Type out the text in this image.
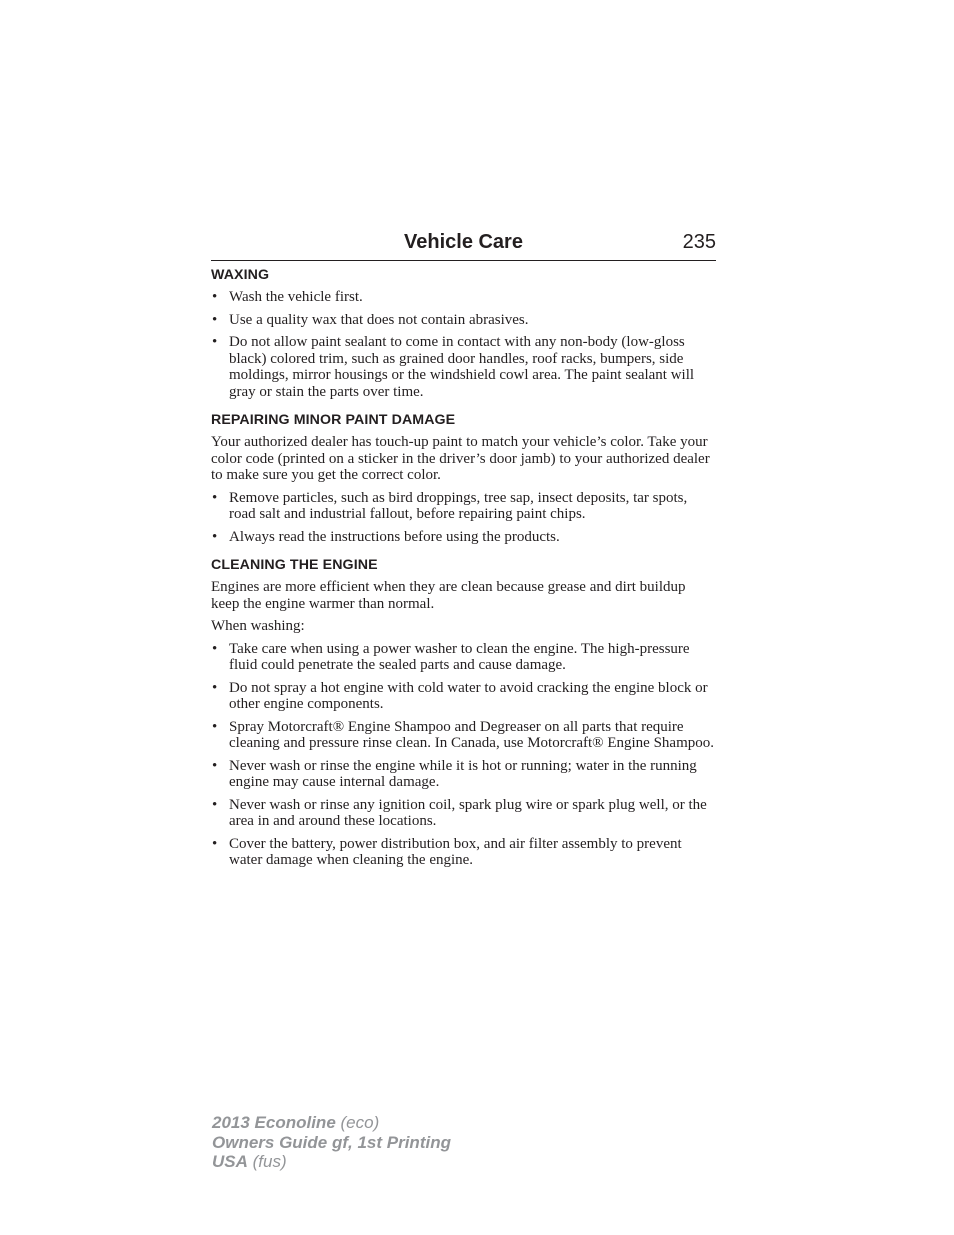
Vehicle Care	235
WAXING
• Wash the vehicle first.
• Use a quality wax that does not contain abrasives.
• Do not allow paint sealant to come in contact with any non-body (low-gloss black) colored trim, such as grained door handles, roof racks, bumpers, side moldings, mirror housings or the windshield cowl area. The paint sealant will gray or stain the parts over time.
REPAIRING MINOR PAINT DAMAGE

Your authorized dealer has touch-up paint to match your vehicle’s color. Take your color code (printed on a sticker in the driver’s door jamb) to your authorized dealer to make sure you get the correct color.

• Remove particles, such as bird droppings, tree sap, insect deposits, tar spots, road salt and industrial fallout, before repairing paint chips.
• Always read the instructions before using the products.
CLEANING THE ENGINE

Engines are more efficient when they are clean because grease and dirt buildup keep the engine warmer than normal.

When washing:

• Take care when using a power washer to clean the engine. The high-pressure fluid could penetrate the sealed parts and cause damage.
• Do not spray a hot engine with cold water to avoid cracking the engine block or other engine components.
• Spray Motorcraft® Engine Shampoo and Degreaser on all parts that require cleaning and pressure rinse clean. In Canada, use Motorcraft® Engine Shampoo.
• Never wash or rinse the engine while it is hot or running; water in the running engine may cause internal damage.
• Never wash or rinse any ignition coil, spark plug wire or spark plug well, or the area in and around these locations.
• Cover the battery, power distribution box, and air filter assembly to prevent water damage when cleaning the engine.
2013 Econoline (eco)
Owners Guide gf, 1st Printing
USA (fus)
